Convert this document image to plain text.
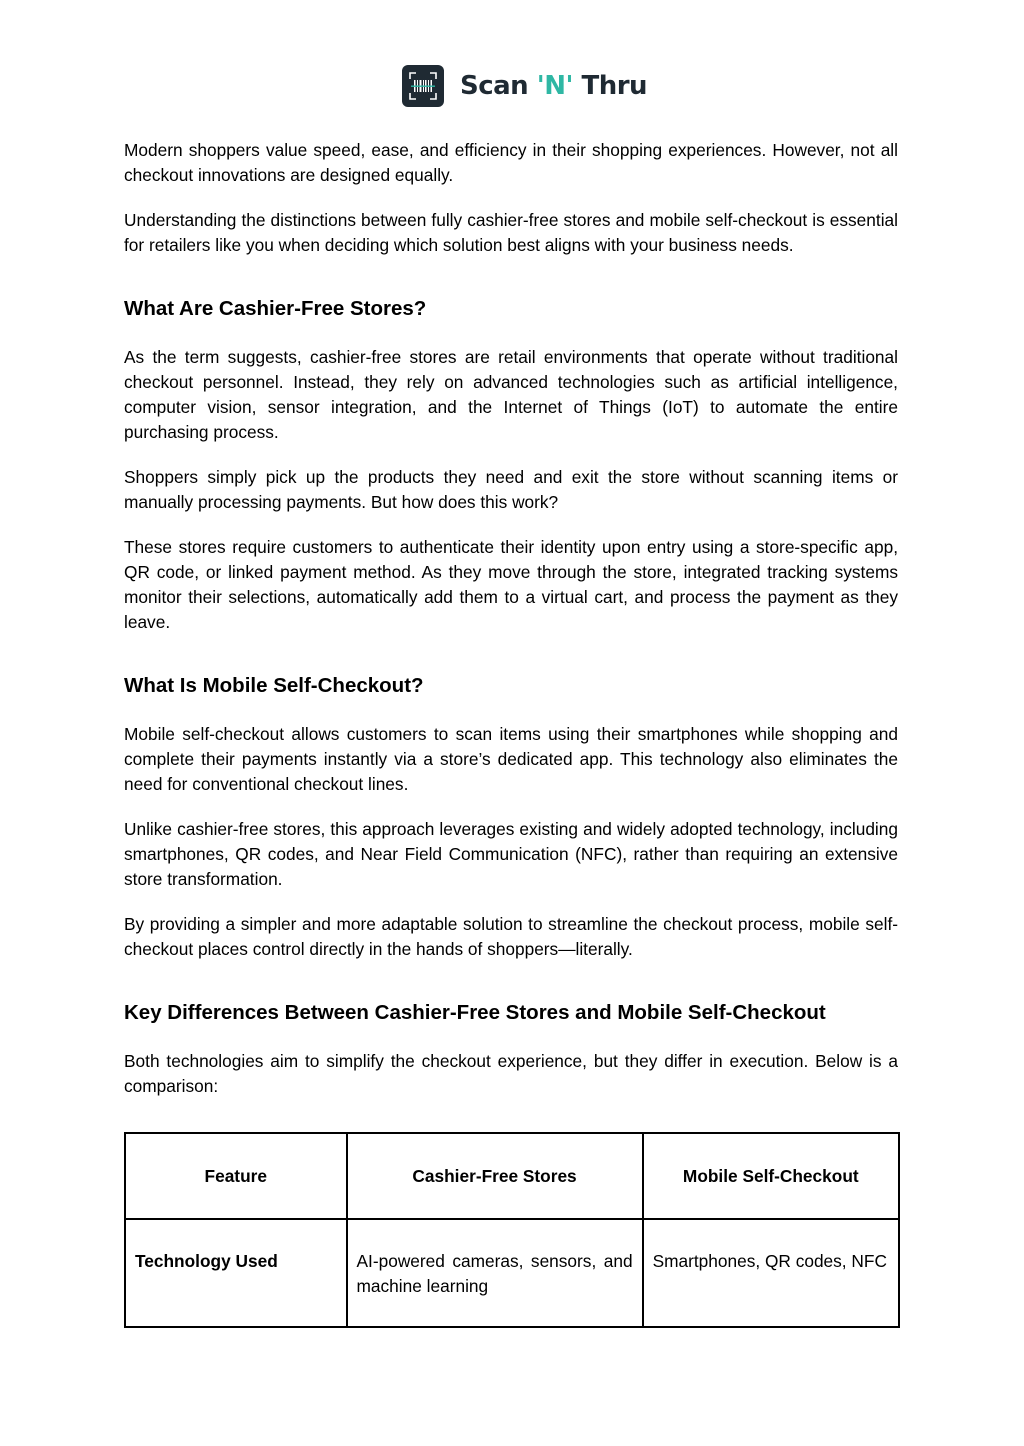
Scan 'N' Thru

Modern shoppers value speed, ease, and efficiency in their shopping experiences. However, not all checkout innovations are designed equally.

Understanding the distinctions between fully cashier-free stores and mobile self-checkout is essential for retailers like you when deciding which solution best aligns with your business needs.

What Are Cashier-Free Stores?

As the term suggests, cashier-free stores are retail environments that operate without traditional checkout personnel. Instead, they rely on advanced technologies such as artificial intelligence, computer vision, sensor integration, and the Internet of Things (IoT) to automate the entire purchasing process.

Shoppers simply pick up the products they need and exit the store without scanning items or manually processing payments. But how does this work?

These stores require customers to authenticate their identity upon entry using a store-specific app, QR code, or linked payment method. As they move through the store, integrated tracking systems monitor their selections, automatically add them to a virtual cart, and process the payment as they leave.

What Is Mobile Self-Checkout?

Mobile self-checkout allows customers to scan items using their smartphones while shopping and complete their payments instantly via a store’s dedicated app. This technology also eliminates the need for conventional checkout lines.

Unlike cashier-free stores, this approach leverages existing and widely adopted technology, including smartphones, QR codes, and Near Field Communication (NFC), rather than requiring an extensive store transformation.

By providing a simpler and more adaptable solution to streamline the checkout process, mobile self-checkout places control directly in the hands of shoppers—literally.

Key Differences Between Cashier-Free Stores and Mobile Self-Checkout

Both technologies aim to simplify the checkout experience, but they differ in execution. Below is a comparison:

Feature	Cashier-Free Stores	Mobile Self-Checkout
Technology Used	AI-powered cameras, sensors, and machine learning	Smartphones, QR codes, NFC
